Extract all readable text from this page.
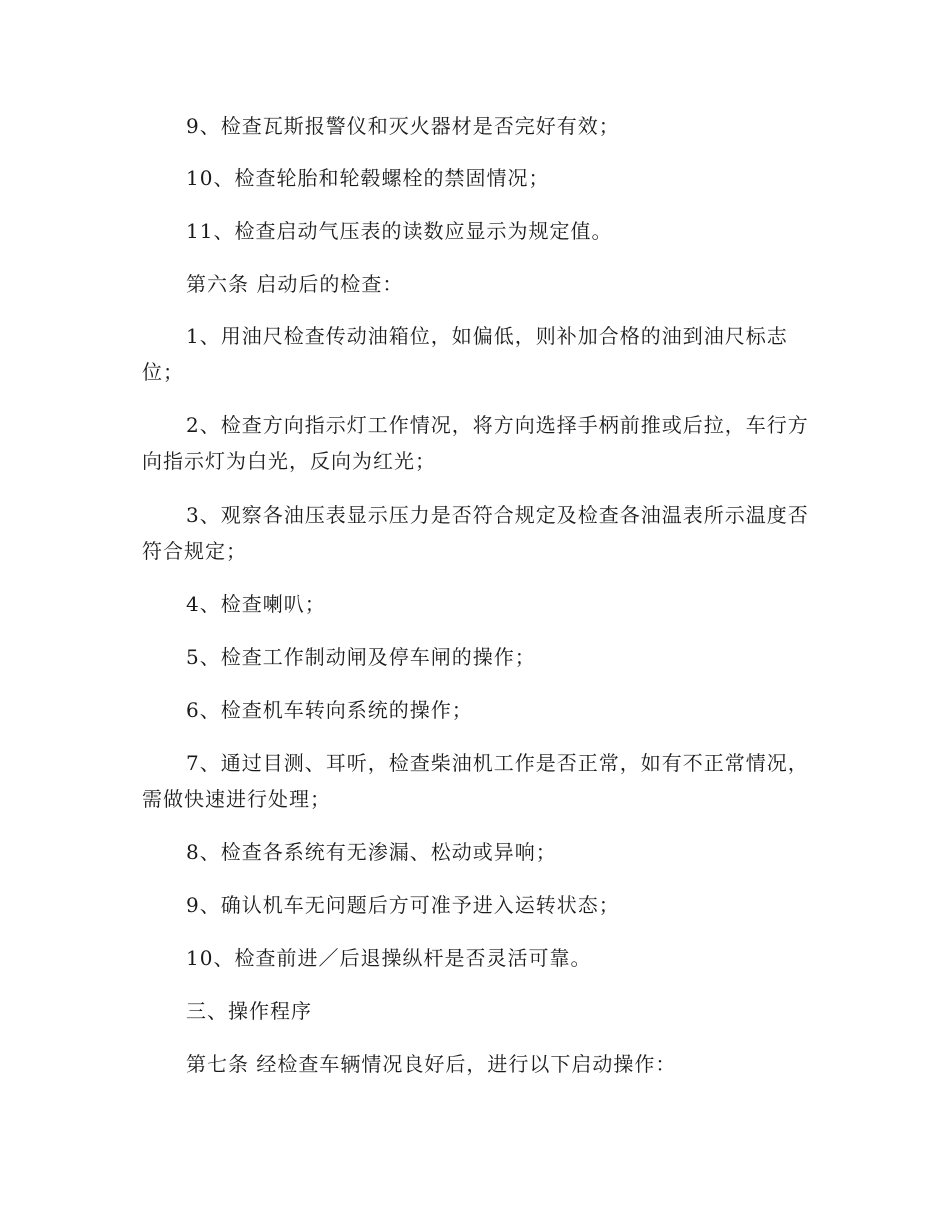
9、检查瓦斯报警仪和灭火器材是否完好有效；

10、检查轮胎和轮毂螺栓的禁固情况；

11、检查启动气压表的读数应显示为规定值。

第六条 启动后的检查：

1、用油尺检查传动油箱位，如偏低，则补加合格的油到油尺标志位；

2、检查方向指示灯工作情况，将方向选择手柄前推或后拉，车行方向指示灯为白光，反向为红光；

3、观察各油压表显示压力是否符合规定及检查各油温表所示温度否符合规定；

4、检查喇叭；

5、检查工作制动闸及停车闸的操作；

6、检查机车转向系统的操作；

7、通过目测、耳听，检查柴油机工作是否正常，如有不正常情况，需做快速进行处理；

8、检查各系统有无渗漏、松动或异响；

9、确认机车无问题后方可准予进入运转状态；

10、检查前进／后退操纵杆是否灵活可靠。

三、操作程序

第七条 经检查车辆情况良好后，进行以下启动操作：
